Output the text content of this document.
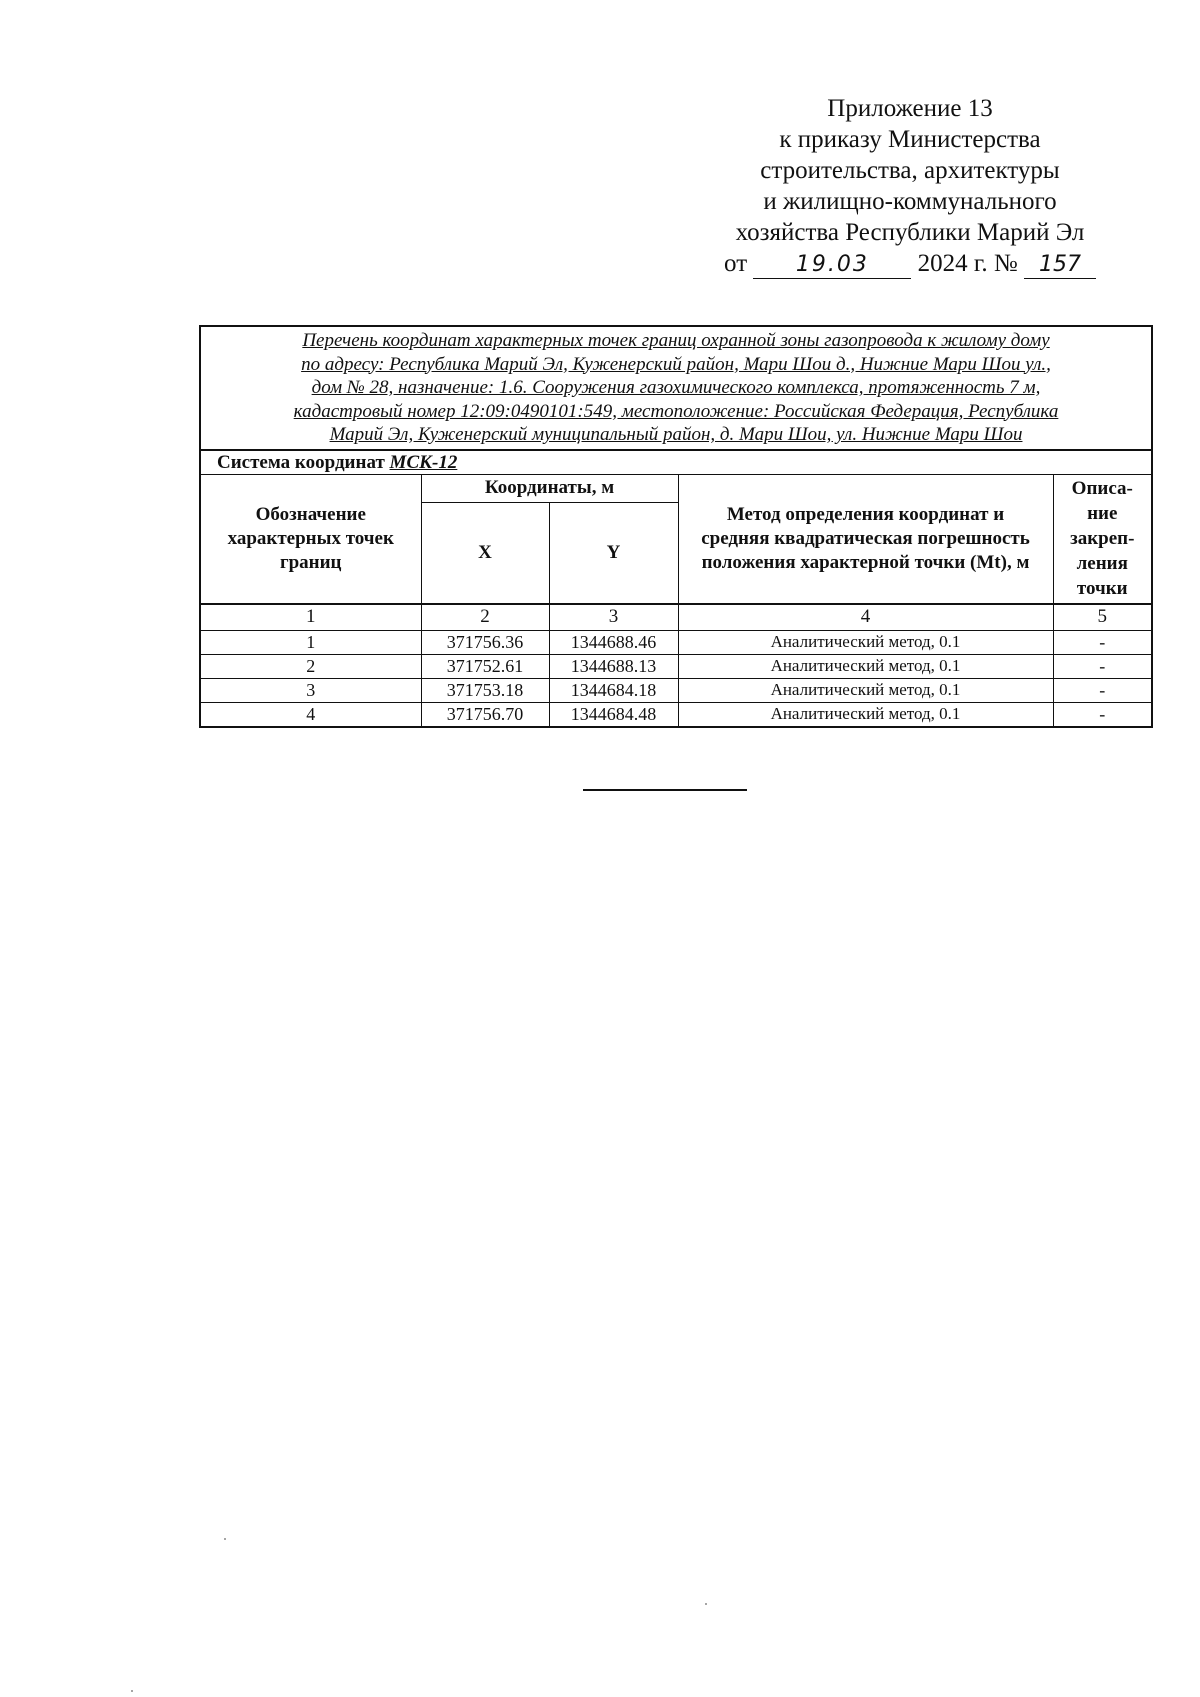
Приложение 13
к приказу Министерства
строительства, архитектуры
и жилищно-коммунального
хозяйства Республики Марий Эл
от 19.03 2024 г. № 157
Перечень координат характерных точек границ охранной зоны газопровода к жилому дому
по адресу: Республика Марий Эл, Куженерский район, Мари Шои д., Нижние Мари Шои ул.,
дом № 28, назначение: 1.6. Сооружения газохимического комплекса, протяженность 7 м,
кадастровый номер 12:09:0490101:549, местоположение: Российская Федерация, Республика
Марий Эл, Куженерский муниципальный район, д. Мари Шои, ул. Нижние Мари Шои				

Система координат МСК-12				
Обозначение характерных точек границ	Координаты, м		Метод определения координат и средняя квадратическая погрешность положения характерной точки (Mt), м	Описа-
ние
закреп-
ления
точки

	X	Y		
1	2	3	4	5
1	371756.36	1344688.46	Аналитический метод, 0.1	-
2	371752.61	1344688.13	Аналитический метод, 0.1	-
3	371753.18	1344684.18	Аналитический метод, 0.1	-
4	371756.70	1344684.48	Аналитический метод, 0.1	-
